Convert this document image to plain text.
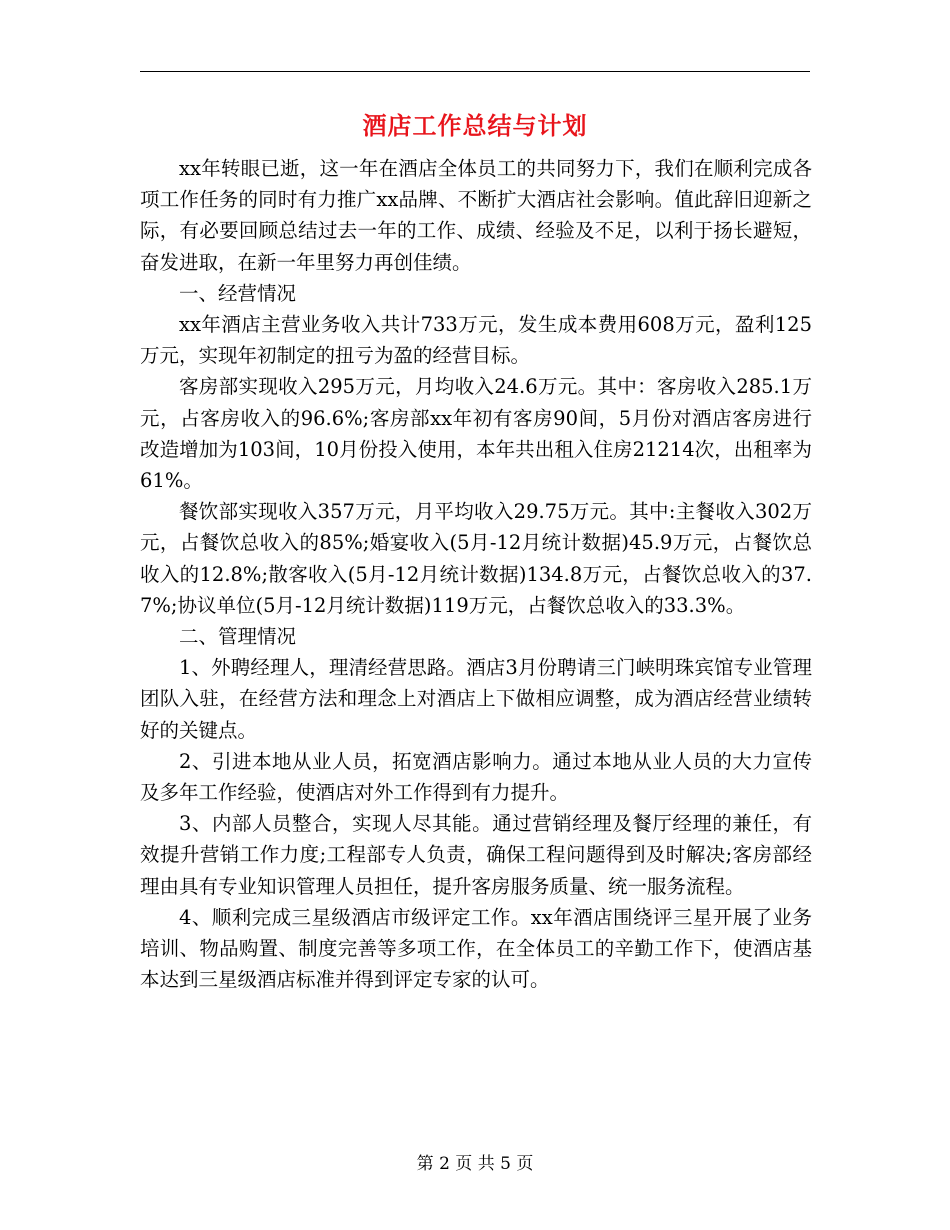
酒店工作总结与计划

xx年转眼已逝，这一年在酒店全体员工的共同努力下，我们在顺利完成各项工作任务的同时有力推广xx品牌、不断扩大酒店社会影响。值此辞旧迎新之际，有必要回顾总结过去一年的工作、成绩、经验及不足，以利于扬长避短，奋发进取，在新一年里努力再创佳绩。

一、经营情况

xx年酒店主营业务收入共计733万元，发生成本费用608万元，盈利125万元，实现年初制定的扭亏为盈的经营目标。

客房部实现收入295万元，月均收入24.6万元。其中：客房收入285.1万元，占客房收入的96.6%;客房部xx年初有客房90间，5月份对酒店客房进行改造增加为103间，10月份投入使用，本年共出租入住房21214次，出租率为61%。

餐饮部实现收入357万元，月平均收入29.75万元。其中:主餐收入302万元，占餐饮总收入的85%;婚宴收入(5月-12月统计数据)45.9万元，占餐饮总收入的12.8%;散客收入(5月-12月统计数据)134.8万元，占餐饮总收入的37.7%;协议单位(5月-12月统计数据)119万元，占餐饮总收入的33.3%。

二、管理情况

1、外聘经理人，理清经营思路。酒店3月份聘请三门峡明珠宾馆专业管理团队入驻，在经营方法和理念上对酒店上下做相应调整，成为酒店经营业绩转好的关键点。

2、引进本地从业人员，拓宽酒店影响力。通过本地从业人员的大力宣传及多年工作经验，使酒店对外工作得到有力提升。

3、内部人员整合，实现人尽其能。通过营销经理及餐厅经理的兼任，有效提升营销工作力度;工程部专人负责，确保工程问题得到及时解决;客房部经理由具有专业知识管理人员担任，提升客房服务质量、统一服务流程。

4、顺利完成三星级酒店市级评定工作。xx年酒店围绕评三星开展了业务培训、物品购置、制度完善等多项工作，在全体员工的辛勤工作下，使酒店基本达到三星级酒店标准并得到评定专家的认可。

第 2 页 共 5 页
